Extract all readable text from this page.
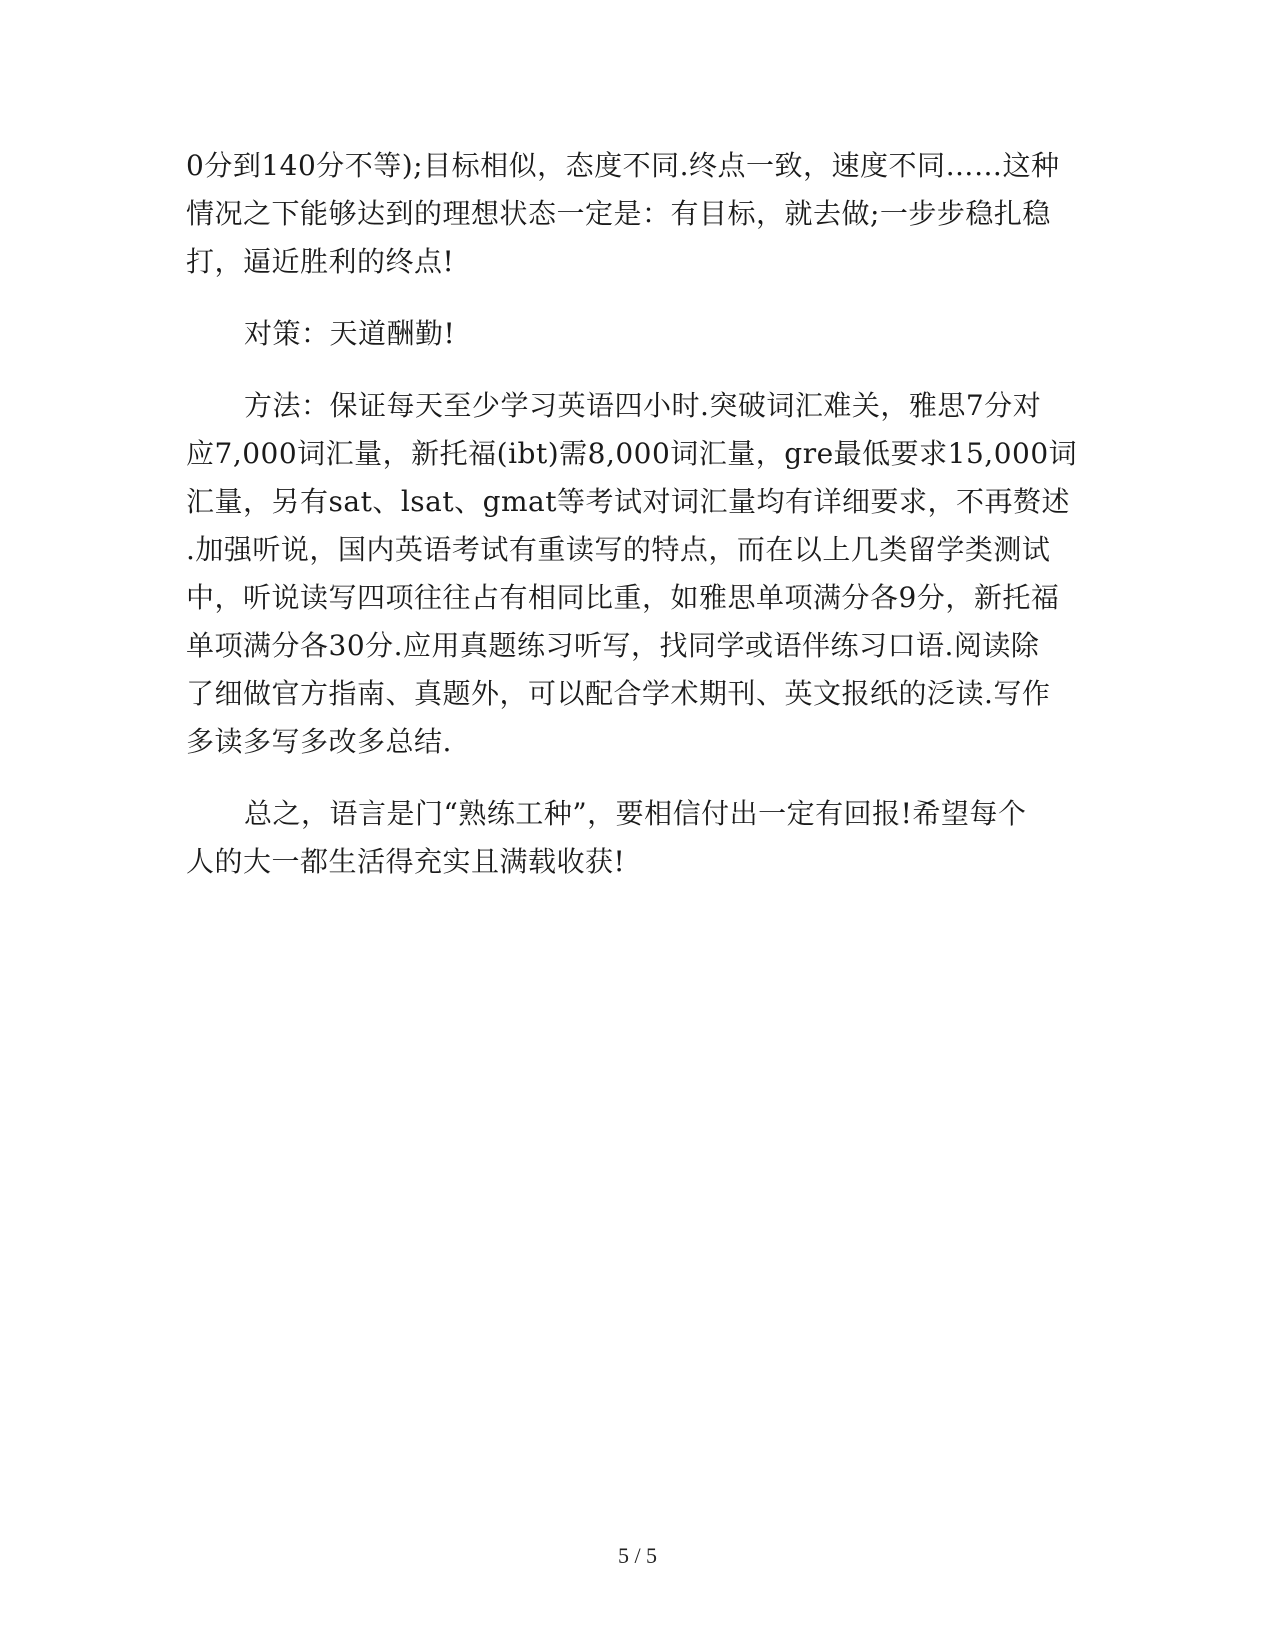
0分到140分不等);目标相似，态度不同.终点一致，速度不同……这种
情况之下能够达到的理想状态一定是：有目标，就去做;一步步稳扎稳
打，逼近胜利的终点!
对策：天道酬勤!
方法：保证每天至少学习英语四小时.突破词汇难关，雅思7分对
应7,000词汇量，新托福(ibt)需8,000词汇量，gre最低要求15,000词
汇量，另有sat、lsat、gmat等考试对词汇量均有详细要求，不再赘述
.加强听说，国内英语考试有重读写的特点，而在以上几类留学类测试
中，听说读写四项往往占有相同比重，如雅思单项满分各9分，新托福
单项满分各30分.应用真题练习听写，找同学或语伴练习口语.阅读除
了细做官方指南、真题外，可以配合学术期刊、英文报纸的泛读.写作
多读多写多改多总结.
总之，语言是门“熟练工种”，要相信付出一定有回报!希望每个
人的大一都生活得充实且满载收获!
5 / 5
